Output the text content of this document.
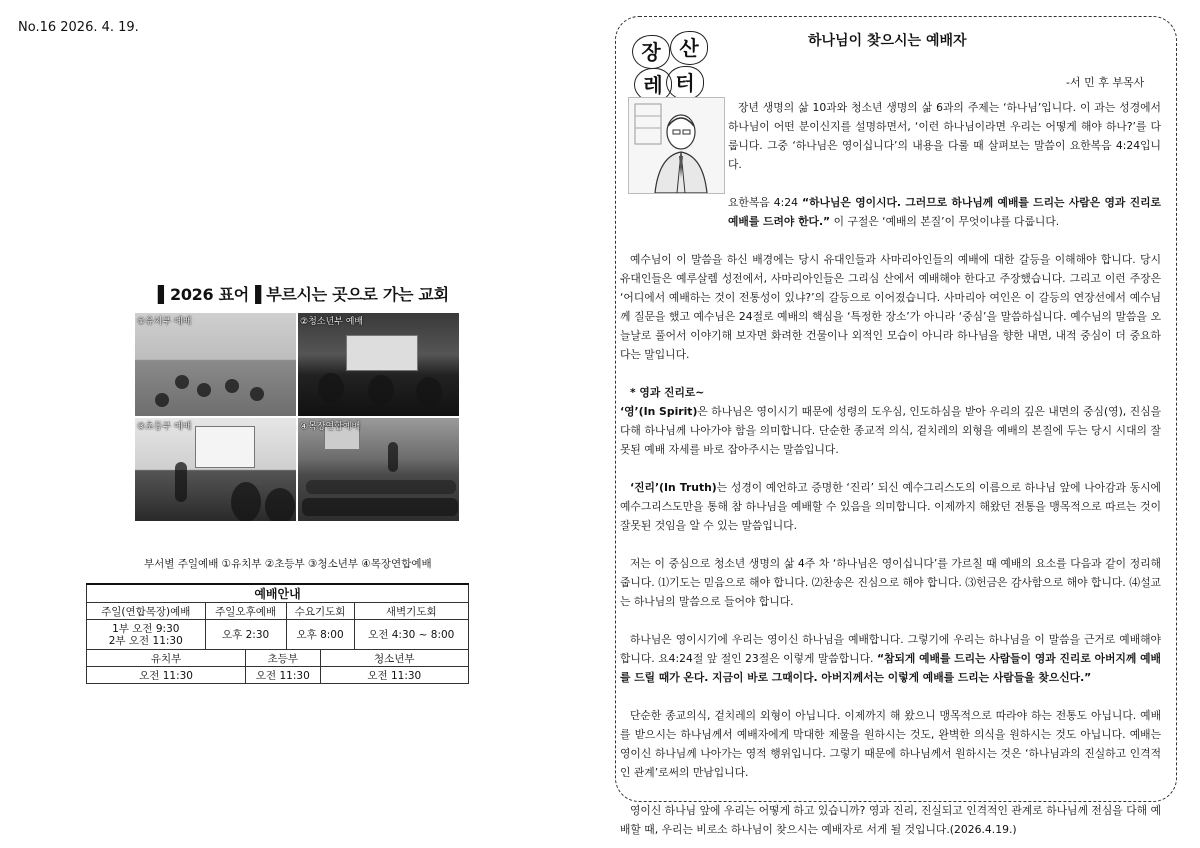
No.16 2026. 4. 19.
▌2026 표어▐ 부르시는 곳으로 가는 교회
①유치부 예배	②청소년부 예배
③초등부 예배	④목장연합예배
부서별 주일예배 ①유치부 ②초등부 ③청소년부 ④목장연합예배
예배안내					
주일(연합목장)예배	주일오후예배		수요기도회		새벽기도회
1부 오전 9:30
2부 오전 11:30	오후 2:30		오후 8:00		오전 4:30 ~ 8:00
유치부		초등부		청소년부	
오전 11:30		오전 11:30		오전 11:30	
장 산
레 터
하나님이 찾으시는 예배자
-서 민 후 부목사

장년 생명의 삶 10과와 청소년 생명의 삶 6과의 주제는 ‘하나님’입니다. 이 과는 성경에서 하나님이 어떤 분이신지를 설명하면서, ‘이런 하나님이라면 우리는 어떻게 해야 하나?’를 다룹니다. 그중 ‘하나님은 영이십니다’의 내용을 다룰 때 살펴보는 말씀이 요한복음 4:24입니다.

요한복음 4:24 “하나님은 영이시다. 그러므로 하나님께 예배를 드리는 사람은 영과 진리로 예배를 드려야 한다.” 이 구절은 ‘예배의 본질’이 무엇이냐를 다룹니다.

예수님이 이 말씀을 하신 배경에는 당시 유대인들과 사마리아인들의 예배에 대한 갈등을 이해해야 합니다. 당시 유대인들은 예루살렘 성전에서, 사마리아인들은 그리심 산에서 예배해야 한다고 주장했습니다. 그리고 이런 주장은 ‘어디에서 예배하는 것이 전통성이 있냐?’의 갈등으로 이어졌습니다. 사마리아 여인은 이 갈등의 연장선에서 예수님께 질문을 했고 예수님은 24절로 예배의 핵심을 ‘특정한 장소’가 아니라 ‘중심’을 말씀하십니다. 예수님의 말씀을 오늘날로 풀어서 이야기해 보자면 화려한 건물이나 외적인 모습이 아니라 하나님을 향한 내면, 내적 중심이 더 중요하다는 말입니다.

* 영과 진리로~

‘영’(In Spirit)은 하나님은 영이시기 때문에 성령의 도우심, 인도하심을 받아 우리의 깊은 내면의 중심(영), 진심을 다해 하나님께 나아가야 함을 의미합니다. 단순한 종교적 의식, 겉치레의 외형을 예배의 본질에 두는 당시 시대의 잘못된 예배 자세를 바로 잡아주시는 말씀입니다.

‘진리’(In Truth)는 성경이 예언하고 증명한 ‘진리’ 되신 예수그리스도의 이름으로 하나님 앞에 나아감과 동시에 예수그리스도만을 통해 참 하나님을 예배할 수 있음을 의미합니다. 이제까지 해왔던 전통을 맹목적으로 따르는 것이 잘못된 것임을 알 수 있는 말씀입니다.

저는 이 중심으로 청소년 생명의 삶 4주 차 ‘하나님은 영이십니다’를 가르칠 때 예배의 요소를 다음과 같이 정리해 줍니다. ⑴기도는 믿음으로 해야 합니다. ⑵찬송은 진심으로 해야 합니다. ⑶헌금은 감사함으로 해야 합니다. ⑷설교는 하나님의 말씀으로 들어야 합니다.

하나님은 영이시기에 우리는 영이신 하나님을 예배합니다. 그렇기에 우리는 하나님을 이 말씀을 근거로 예배해야 합니다. 요4:24절 앞 절인 23절은 이렇게 말씀합니다. “참되게 예배를 드리는 사람들이 영과 진리로 아버지께 예배를 드릴 때가 온다. 지금이 바로 그때이다. 아버지께서는 이렇게 예배를 드리는 사람들을 찾으신다.”

단순한 종교의식, 겉치레의 외형이 아닙니다. 이제까지 해 왔으니 맹목적으로 따라야 하는 전통도 아닙니다. 예배를 받으시는 하나님께서 예배자에게 막대한 제물을 원하시는 것도, 완벽한 의식을 원하시는 것도 아닙니다. 예배는 영이신 하나님께 나아가는 영적 행위입니다. 그렇기 때문에 하나님께서 원하시는 것은 ‘하나님과의 진실하고 인격적인 관계’로써의 만남입니다.

영이신 하나님 앞에 우리는 어떻게 하고 있습니까? 영과 진리, 진실되고 인격적인 관계로 하나님께 전심을 다해 예배할 때, 우리는 비로소 하나님이 찾으시는 예배자로 서게 될 것입니다.(2026.4.19.)
